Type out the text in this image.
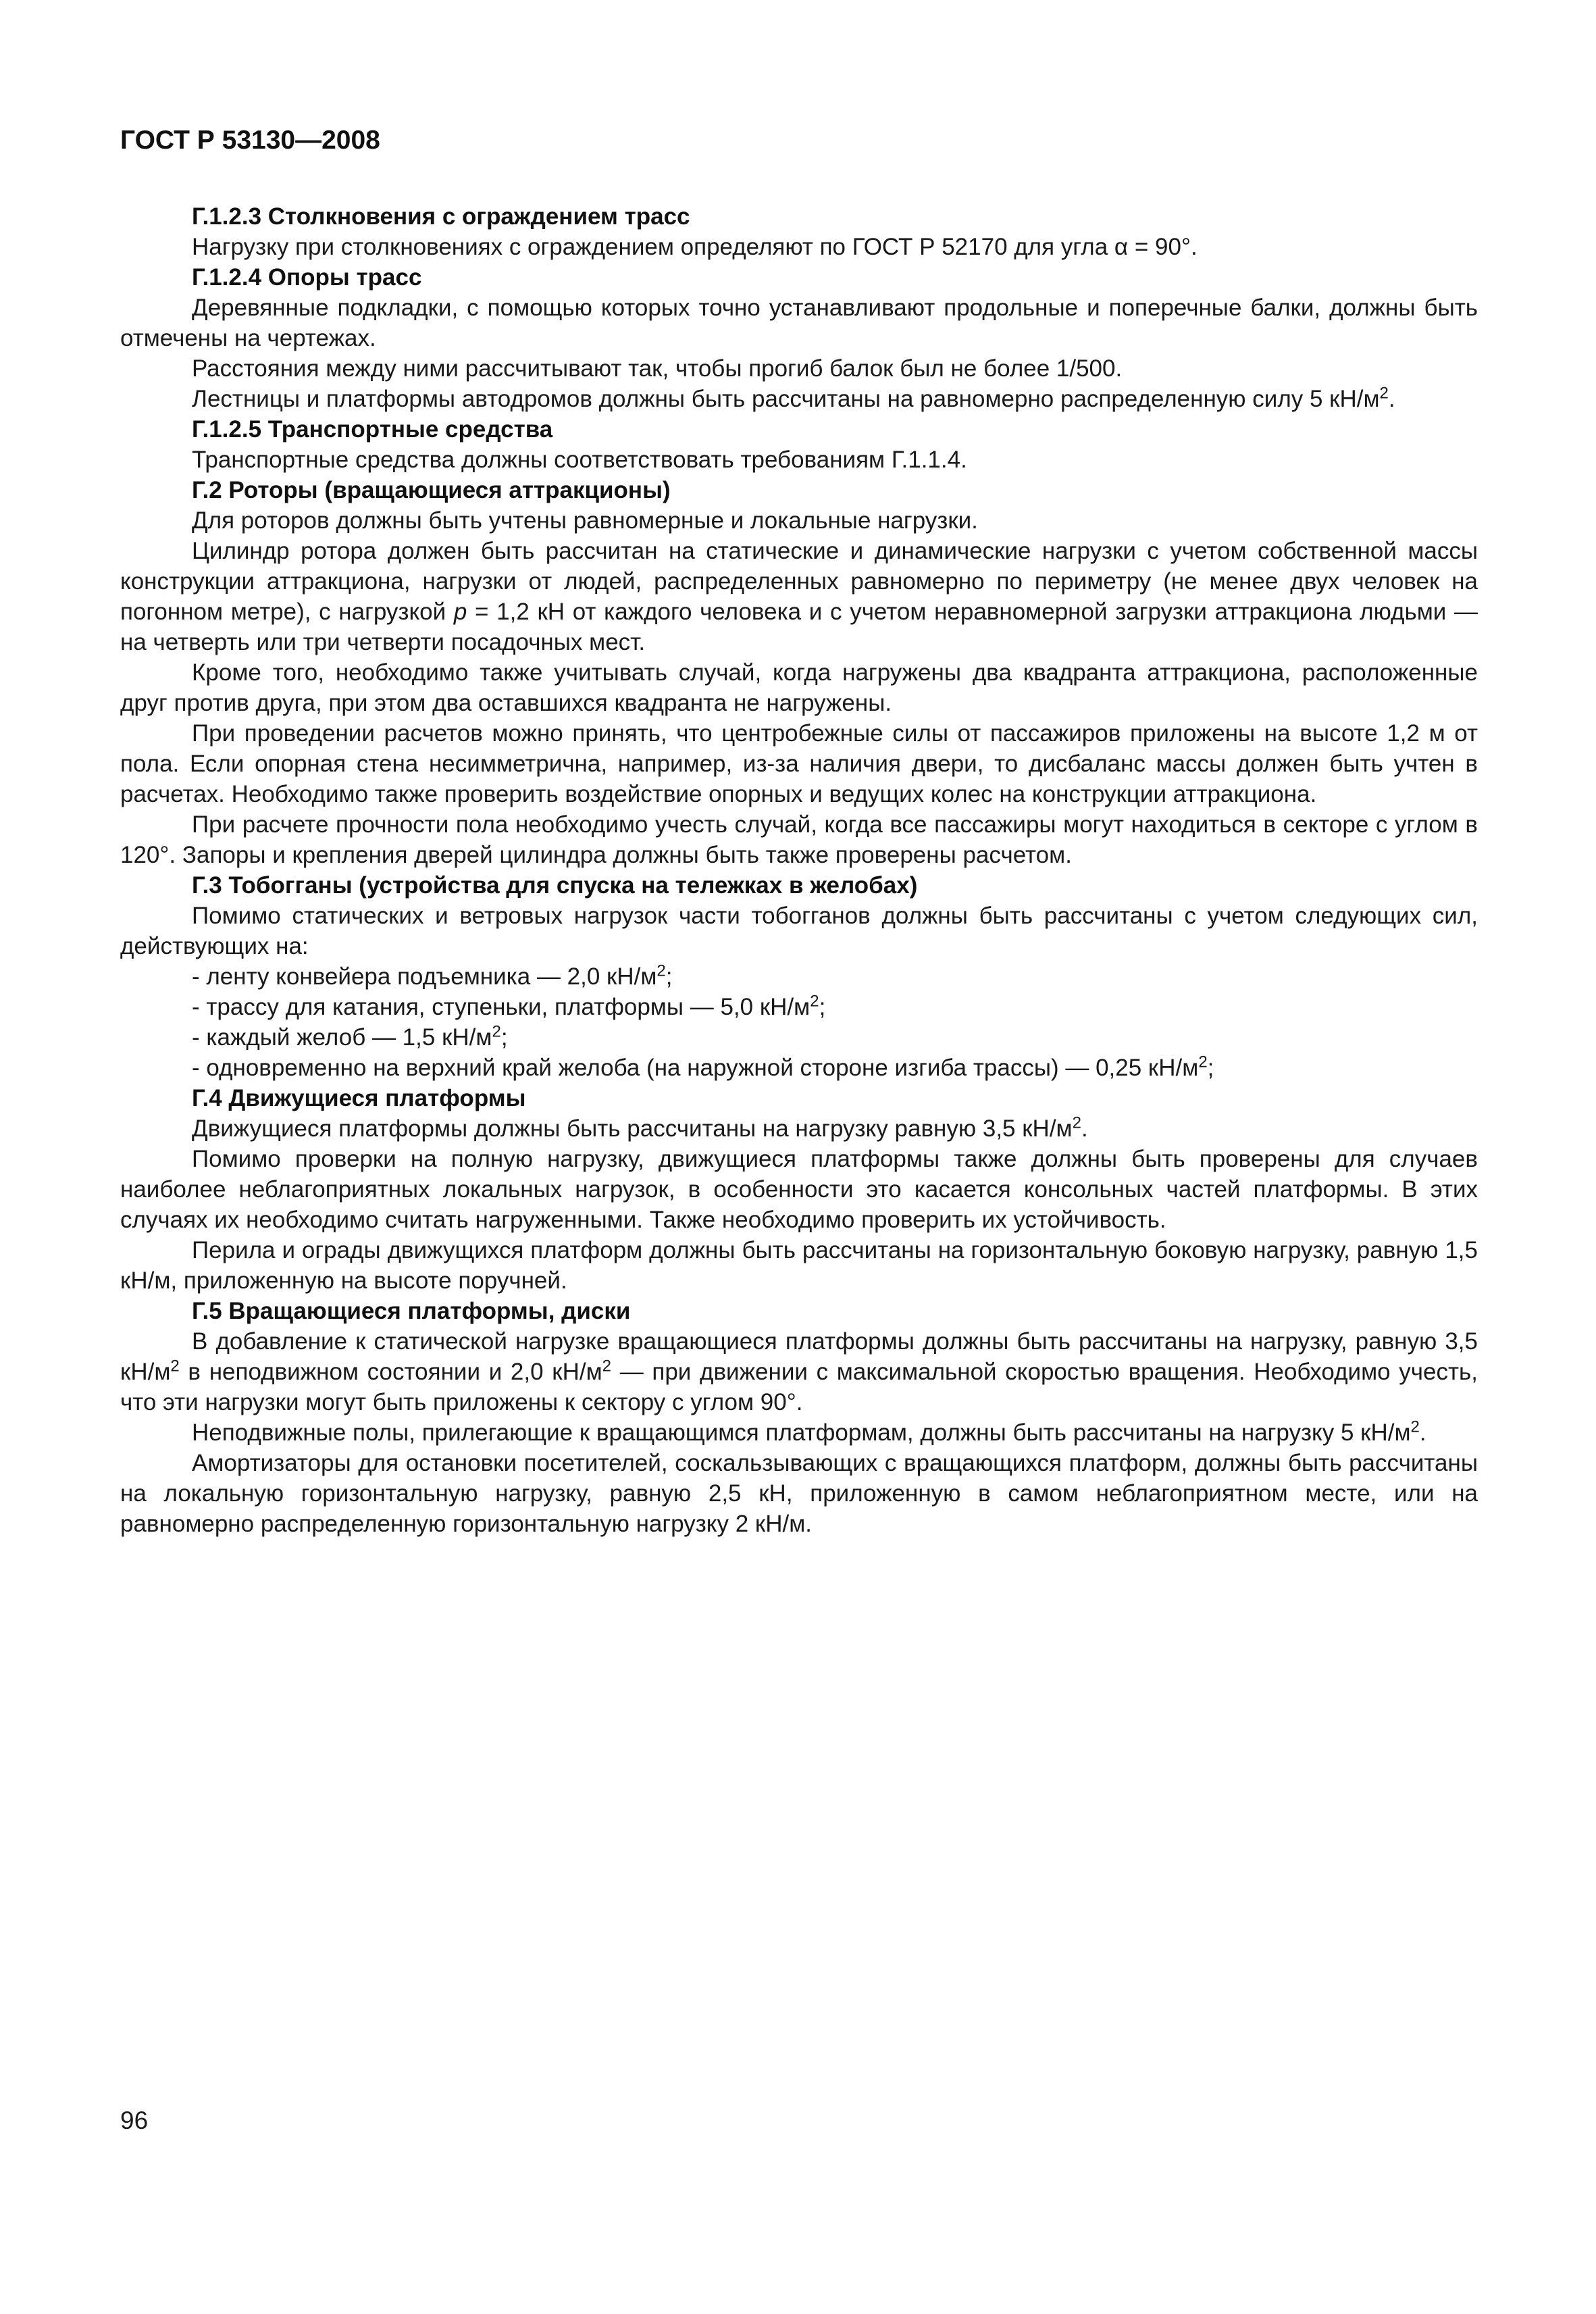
ГОСТ Р 53130—2008
Г.1.2.3 Столкновения с ограждением трасс
Нагрузку при столкновениях с ограждением определяют по ГОСТ Р 52170 для угла α = 90°.
Г.1.2.4 Опоры трасс
Деревянные подкладки, с помощью которых точно устанавливают продольные и поперечные балки, должны быть отмечены на чертежах.
Расстояния между ними рассчитывают так, чтобы прогиб балок был не более 1/500.
Лестницы и платформы автодромов должны быть рассчитаны на равномерно распределенную силу 5 $кН/м^2$.
Г.1.2.5 Транспортные средства
Транспортные средства должны соответствовать требованиям Г.1.1.4.
Г.2 Роторы (вращающиеся аттракционы)
Для роторов должны быть учтены равномерные и локальные нагрузки.
Цилиндр ротора должен быть рассчитан на статические и динамические нагрузки с учетом собственной массы конструкции аттракциона, нагрузки от людей, распределенных равномерно по периметру (не менее двух человек на погонном метре), с нагрузкой p = 1,2 кН от каждого человека и с учетом неравномерной загрузки аттракциона людьми — на четверть или три четверти посадочных мест.
Кроме того, необходимо также учитывать случай, когда нагружены два квадранта аттракциона, расположенные друг против друга, при этом два оставшихся квадранта не нагружены.
При проведении расчетов можно принять, что центробежные силы от пассажиров приложены на высоте 1,2 м от пола. Если опорная стена несимметрична, например, из-за наличия двери, то дисбаланс массы должен быть учтен в расчетах. Необходимо также проверить воздействие опорных и ведущих колес на конструкции аттракциона.
При расчете прочности пола необходимо учесть случай, когда все пассажиры могут находиться в секторе с углом в 120°. Запоры и крепления дверей цилиндра должны быть также проверены расчетом.
Г.3 Тобогганы (устройства для спуска на тележках в желобах)
Помимо статических и ветровых нагрузок части тобогганов должны быть рассчитаны с учетом следующих сил, действующих на:
- ленту конвейера подъемника — 2,0 $кН/м^2$;
- трассу для катания, ступеньки, платформы — 5,0 $кН/м^2$;
- каждый желоб — 1,5 $кН/м^2$;
- одновременно на верхний край желоба (на наружной стороне изгиба трассы) — 0,25 $кН/м^2$;
Г.4 Движущиеся платформы
Движущиеся платформы должны быть рассчитаны на нагрузку равную 3,5 $кН/м^2$.
Помимо проверки на полную нагрузку, движущиеся платформы также должны быть проверены для случаев наиболее неблагоприятных локальных нагрузок, в особенности это касается консольных частей платформы. В этих случаях их необходимо считать нагруженными. Также необходимо проверить их устойчивость.
Перила и ограды движущихся платформ должны быть рассчитаны на горизонтальную боковую нагрузку, равную 1,5 кН/м, приложенную на высоте поручней.
Г.5 Вращающиеся платформы, диски
В добавление к статической нагрузке вращающиеся платформы должны быть рассчитаны на нагрузку, равную 3,5 $кН/м^2$ в неподвижном состоянии и 2,0 $кН/м^2$ — при движении с максимальной скоростью вращения. Необходимо учесть, что эти нагрузки могут быть приложены к сектору с углом 90°.
Неподвижные полы, прилегающие к вращающимся платформам, должны быть рассчитаны на нагрузку 5 $кН/м^2$.
Амортизаторы для остановки посетителей, соскальзывающих с вращающихся платформ, должны быть рассчитаны на локальную горизонтальную нагрузку, равную 2,5 кН, приложенную в самом неблагоприятном месте, или на равномерно распределенную горизонтальную нагрузку 2 кН/м.
96
